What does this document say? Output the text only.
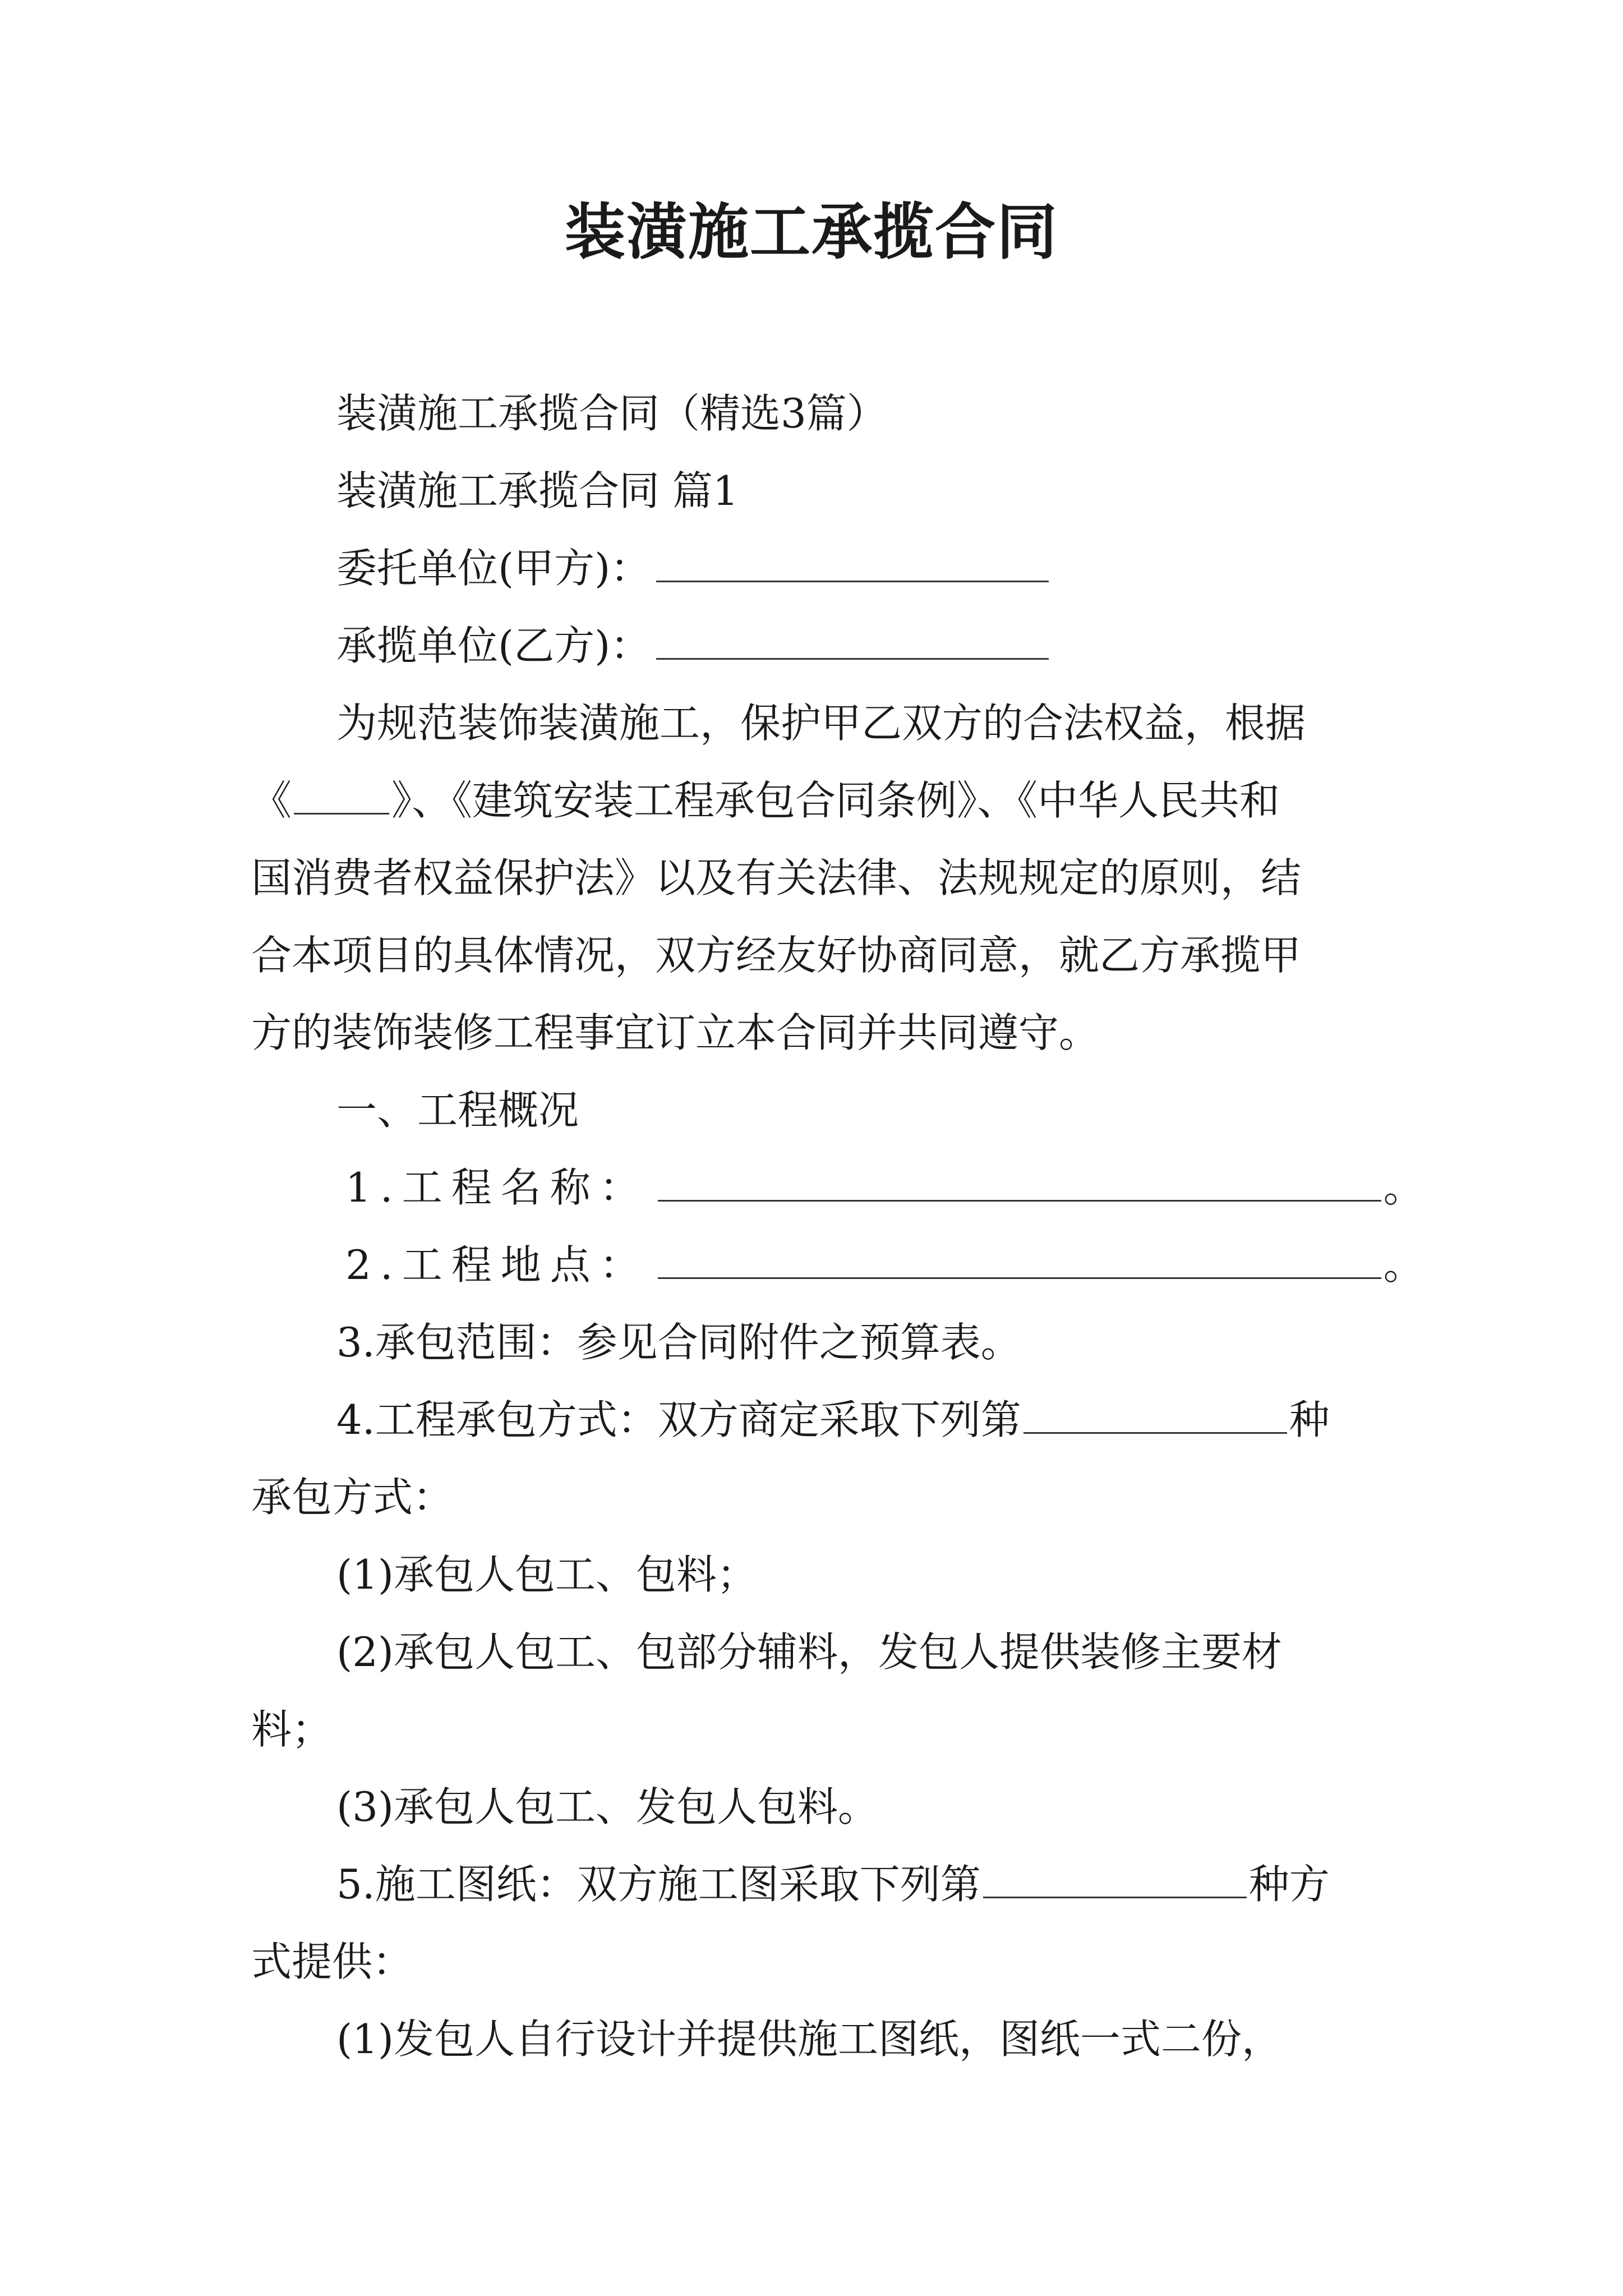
装潢施工承揽合同

装潢施工承揽合同（精选3篇）

装潢施工承揽合同 篇1

委托单位(甲方)：

承揽单位(乙方)：

为规范装饰装潢施工，保护甲乙双方的合法权益，根据

《 》、《建筑安装工程承包合同条例》、《中华人民共和

国消费者权益保护法》以及有关法律、法规规定的原则，结

合本项目的具体情况，双方经友好协商同意，就乙方承揽甲

方的装饰装修工程事宜订立本合同并共同遵守。

一、工程概况

1.工程名称：	。

2.工程地点：	。

3.承包范围：参见合同附件之预算表。

4.工程承包方式：双方商定采取下列第	种

承包方式：

(1)承包人包工、包料；

(2)承包人包工、包部分辅料，发包人提供装修主要材

料；

(3)承包人包工、发包人包料。

5.施工图纸：双方施工图采取下列第	种方

式提供：

(1)发包人自行设计并提供施工图纸，图纸一式二份，
